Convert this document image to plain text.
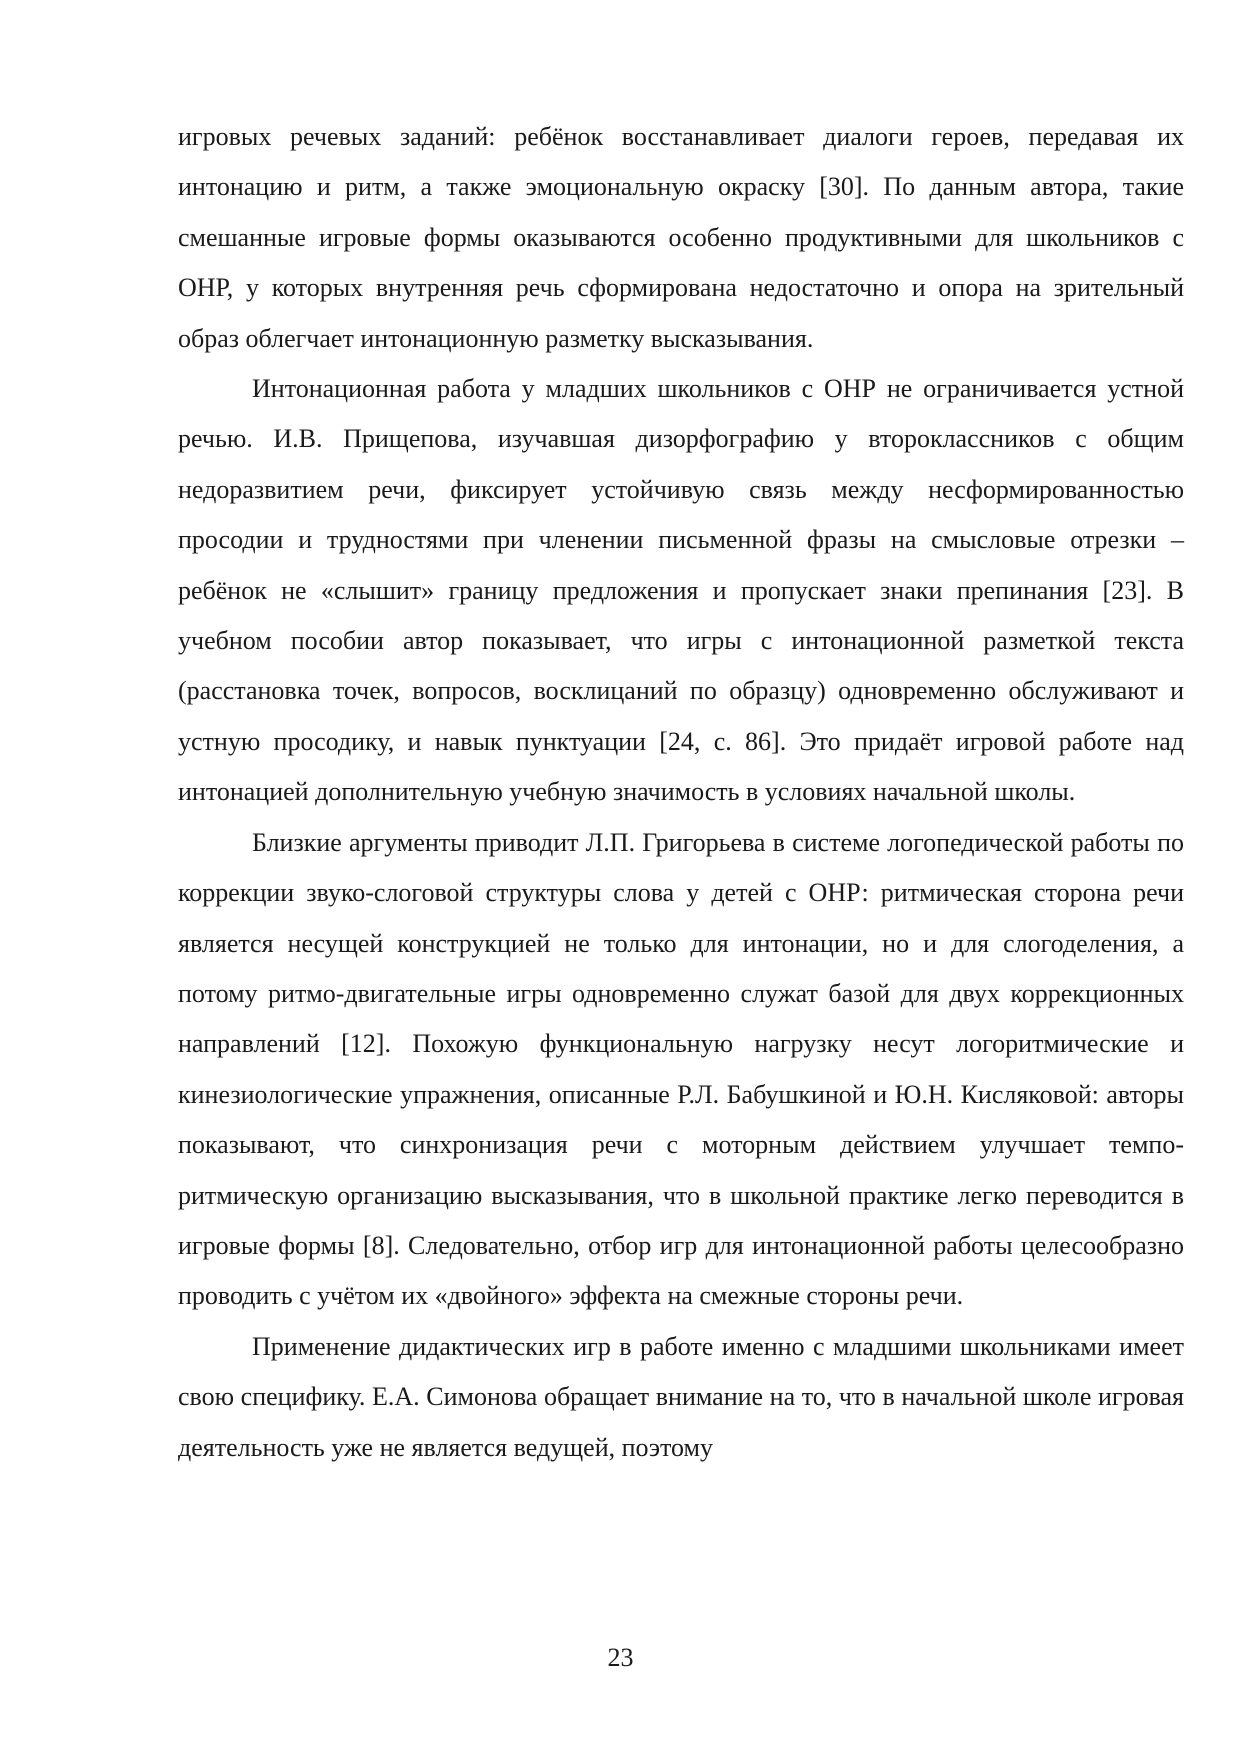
игровых речевых заданий: ребёнок восстанавливает диалоги героев, передавая их интонацию и ритм, а также эмоциональную окраску [30]. По данным автора, такие смешанные игровые формы оказываются особенно продуктивными для школьников с ОНР, у которых внутренняя речь сформирована недостаточно и опора на зрительный образ облегчает интонационную разметку высказывания.

Интонационная работа у младших школьников с ОНР не ограничивается устной речью. И.В. Прищепова, изучавшая дизорфографию у второклассников с общим недоразвитием речи, фиксирует устойчивую связь между несформированностью просодии и трудностями при членении письменной фразы на смысловые отрезки – ребёнок не «слышит» границу предложения и пропускает знаки препинания [23]. В учебном пособии автор показывает, что игры с интонационной разметкой текста (расстановка точек, вопросов, восклицаний по образцу) одновременно обслуживают и устную просодику, и навык пунктуации [24, с. 86]. Это придаёт игровой работе над интонацией дополнительную учебную значимость в условиях начальной школы.

Близкие аргументы приводит Л.П. Григорьева в системе логопедической работы по коррекции звуко-слоговой структуры слова у детей с ОНР: ритмическая сторона речи является несущей конструкцией не только для интонации, но и для слогоделения, а потому ритмо-двигательные игры одновременно служат базой для двух коррекционных направлений [12]. Похожую функциональную нагрузку несут логоритмические и кинезиологические упражнения, описанные Р.Л. Бабушкиной и Ю.Н. Кисляковой: авторы показывают, что синхронизация речи с моторным действием улучшает темпо-ритмическую организацию высказывания, что в школьной практике легко переводится в игровые формы [8]. Следовательно, отбор игр для интонационной работы целесообразно проводить с учётом их «двойного» эффекта на смежные стороны речи.

Применение дидактических игр в работе именно с младшими школьниками имеет свою специфику. Е.А. Симонова обращает внимание на то, что в начальной школе игровая деятельность уже не является ведущей, поэтому

23
